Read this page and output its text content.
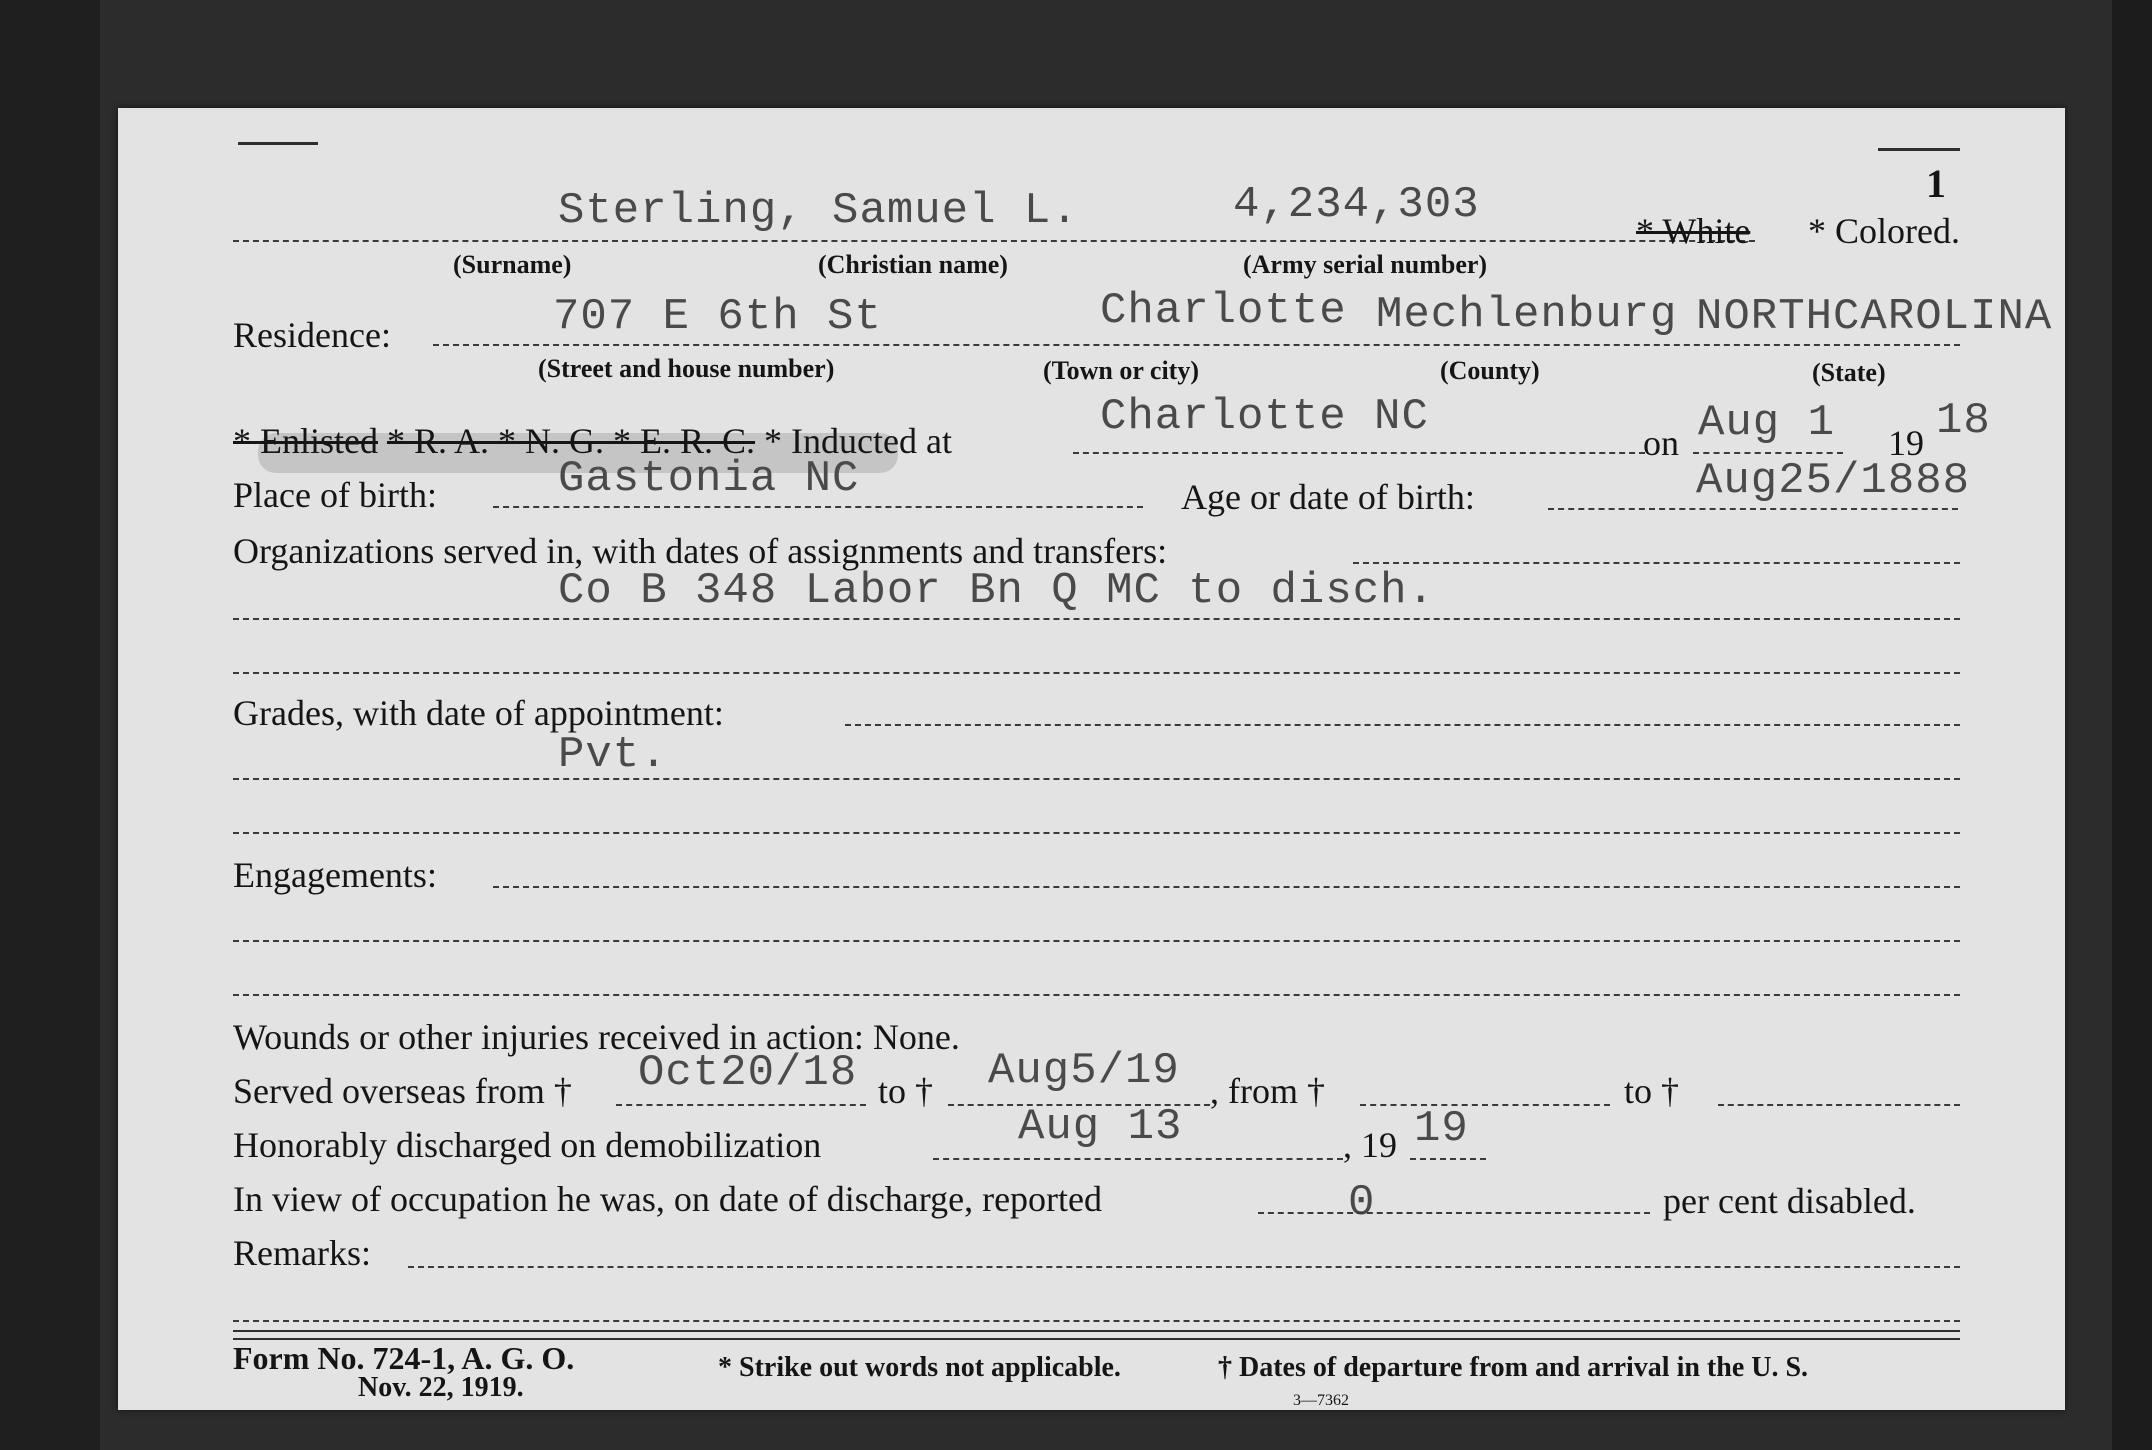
1
Sterling, Samuel L.	4,234,303
* White * Colored.
(Surname)	(Christian name)	(Army serial number)
Residence:	707 E 6th St	Charlotte Mechlenburg NORTHCAROLINA
(Street and house number)	(Town or city)	(County)	(State)
* Enlisted * R. A. * N. G. * E. R. C. * Inducted at	Charlotte NC
on Aug 1 19 18
Place of birth:	Gastonia NC	Age or date of birth:	Aug25/1888
Organizations served in, with dates of assignments and transfers:
Co B 348 Labor Bn Q MC to disch.
Grades, with date of appointment:
Pvt.
Engagements:
Wounds or other injuries received in action: None.
Served overseas from † Oct20/18 to † Aug5/19 , from †	to †
Honorably discharged on demobilization	Aug 13	, 19 19
In view of occupation he was, on date of discharge, reported	0	per cent disabled.
Remarks:
Form No. 724-1, A. G. O.
Nov. 22, 1919.
* Strike out words not applicable.	† Dates of departure from and arrival in the U. S.
3—7362
